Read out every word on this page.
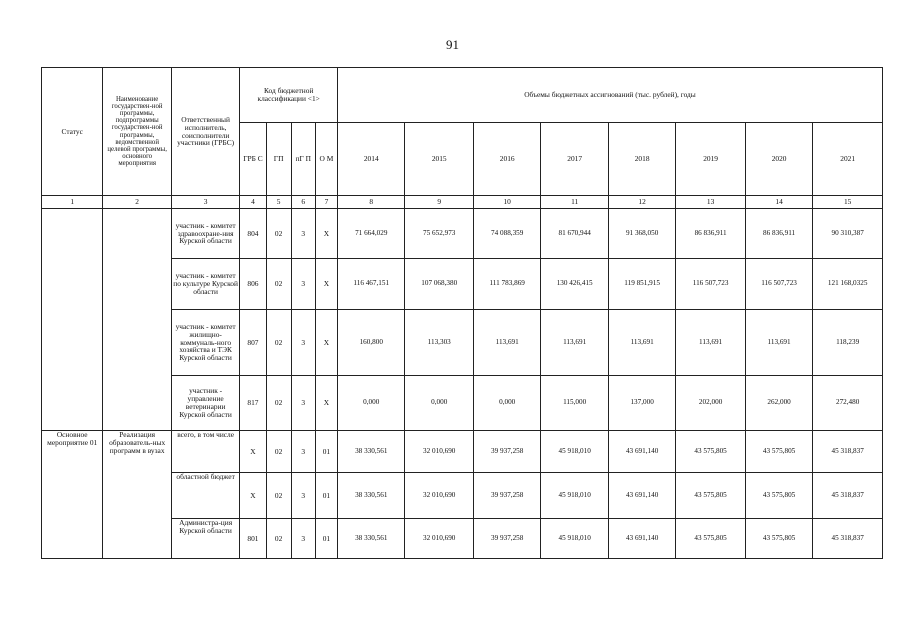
91
Статус	Наименование государствен-ной программы, подпрограммы государствен-ной программы, ведомственной целевой программы, основного мероприятия	Ответственный исполнитель, соисполнители участники (ГРБС)	Код бюджетной классификации <1>				Объемы бюджетных ассигнований (тыс. рублей), годы							
			ГРБ С	ГП	пГ П	О М	2014	2015	2016	2017	2018	2019	2020	2021
1	2	3	4	5	6	7	8	9	10	11	12	13	14	15
		участник - комитет здравоохране-ния Курской области	804	02	3	Х	71 664,029	75 652,973	74 088,359	81 670,944	91 368,050	86 836,911	86 836,911	90 310,387
		участник - комитет по культуре Курской области	806	02	3	Х	116 467,151	107 068,380	111 783,869	130 426,415	119 851,915	116 507,723	116 507,723	121 168,0325
		участник - комитет жилищно-коммуналь-ного хозяйства и ТЭК Курской области	807	02	3	Х	160,800	113,303	113,691	113,691	113,691	113,691	113,691	118,239
		участник - управление ветеринарии Курской области	817	02	3	Х	0,000	0,000	0,000	115,000	137,000	202,000	262,000	272,480
Основное мероприятие 01	Реализация образователь-ных программ в вузах	всего, в том числе	Х	02	3	01	38 330,561	32 010,690	39 937,258	45 918,010	43 691,140	43 575,805	43 575,805	45 318,837
		областной бюджет	Х	02	3	01	38 330,561	32 010,690	39 937,258	45 918,010	43 691,140	43 575,805	43 575,805	45 318,837
		Администра-ция Курской области	801	02	3	01	38 330,561	32 010,690	39 937,258	45 918,010	43 691,140	43 575,805	43 575,805	45 318,837
